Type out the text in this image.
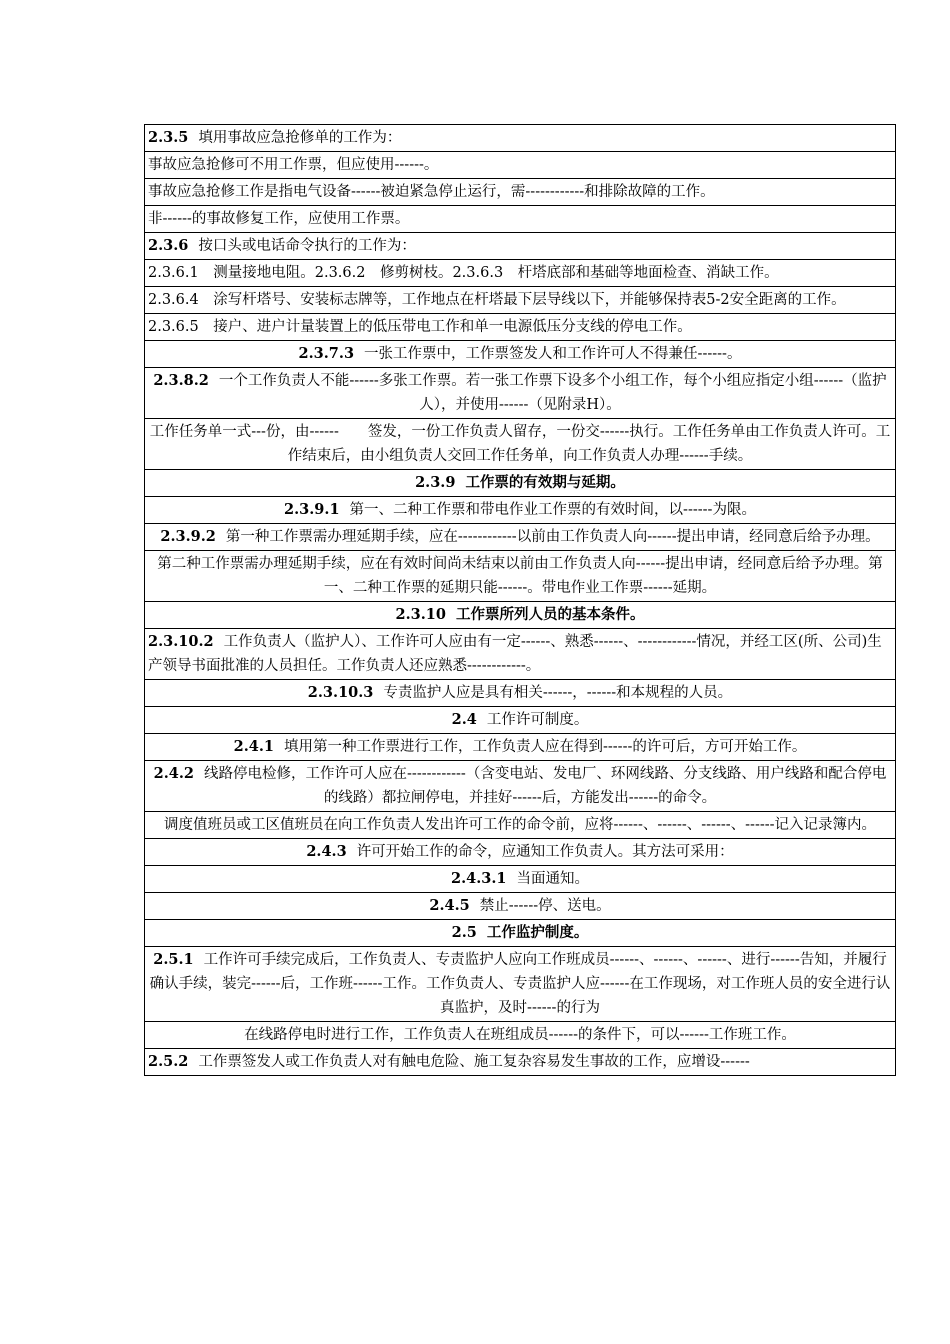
2.3.5 填用事故应急抢修单的工作为：
事故应急抢修可不用工作票，但应使用------。
事故应急抢修工作是指电气设备------被迫紧急停止运行，需------------和排除故障的工作。
非------的事故修复工作，应使用工作票。
2.3.6 按口头或电话命令执行的工作为：
2.3.6.1　测量接地电阻。2.3.6.2　修剪树枝。2.3.6.3　杆塔底部和基础等地面检查、消缺工作。
2.3.6.4　涂写杆塔号、安装标志牌等，工作地点在杆塔最下层导线以下，并能够保持表5-2安全距离的工作。
2.3.6.5　接户、进户计量装置上的低压带电工作和单一电源低压分支线的停电工作。
2.3.7.3 一张工作票中，工作票签发人和工作许可人不得兼任------。
2.3.8.2 一个工作负责人不能------多张工作票。若一张工作票下设多个小组工作，每个小组应指定小组------（监护人），并使用------（见附录H）。
工作任务单一式---份，由------　　签发，一份工作负责人留存，一份交------执行。工作任务单由工作负责人许可。工作结束后，由小组负责人交回工作任务单，向工作负责人办理------手续。
2.3.9 工作票的有效期与延期。
2.3.9.1 第一、二种工作票和带电作业工作票的有效时间，以------为限。
2.3.9.2 第一种工作票需办理延期手续，应在------------以前由工作负责人向------提出申请，经同意后给予办理。
第二种工作票需办理延期手续，应在有效时间尚未结束以前由工作负责人向------提出申请，经同意后给予办理。第一、二种工作票的延期只能------。带电作业工作票------延期。
2.3.10 工作票所列人员的基本条件。
2.3.10.2 工作负责人（监护人）、工作许可人应由有一定------、熟悉------、------------情况，并经工区(所、公司)生产领导书面批准的人员担任。工作负责人还应熟悉------------。
2.3.10.3 专责监护人应是具有相关------，------和本规程的人员。
2.4 工作许可制度。
2.4.1 填用第一种工作票进行工作，工作负责人应在得到------的许可后，方可开始工作。
2.4.2 线路停电检修，工作许可人应在------------（含变电站、发电厂、环网线路、分支线路、用户线路和配合停电的线路）都拉闸停电，并挂好------后，方能发出------的命令。
调度值班员或工区值班员在向工作负责人发出许可工作的命令前，应将------、------、------、------记入记录簿内。
2.4.3 许可开始工作的命令，应通知工作负责人。其方法可采用：
2.4.3.1 当面通知。
2.4.5 禁止------停、送电。
2.5 工作监护制度。
2.5.1 工作许可手续完成后，工作负责人、专责监护人应向工作班成员------、------、------、进行------告知，并履行确认手续，装完------后，工作班------工作。工作负责人、专责监护人应------在工作现场，对工作班人员的安全进行认真监护，及时------的行为
在线路停电时进行工作，工作负责人在班组成员------的条件下，可以------工作班工作。
2.5.2 工作票签发人或工作负责人对有触电危险、施工复杂容易发生事故的工作，应增设------
